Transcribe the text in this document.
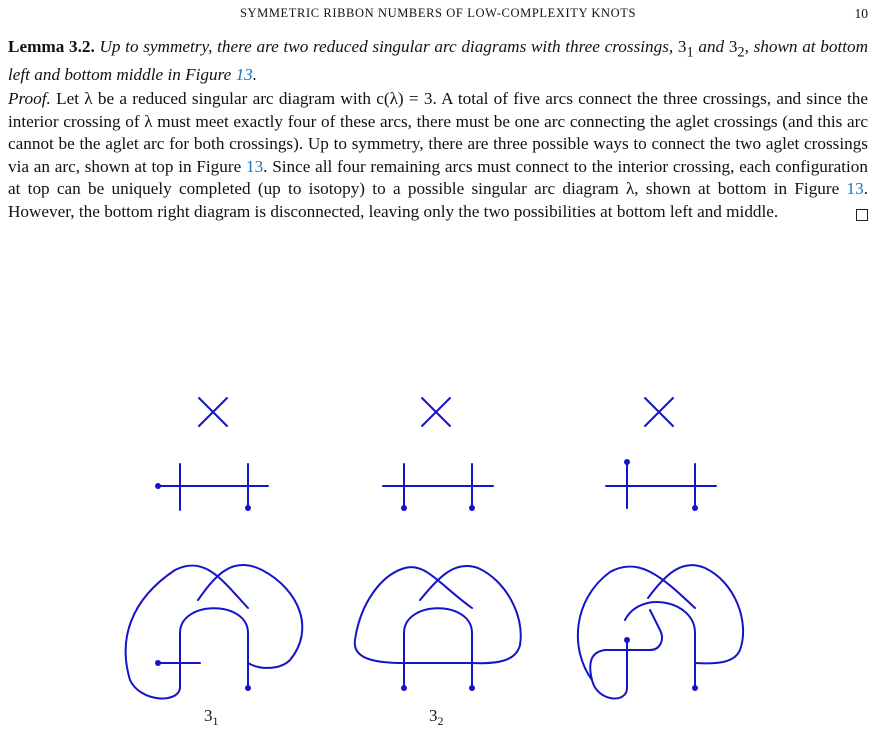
SYMMETRIC RIBBON NUMBERS OF LOW-COMPLEXITY KNOTS	10
Lemma 3.2. Up to symmetry, there are two reduced singular arc diagrams with three crossings, $3_1$ and $3_2$, shown at bottom left and bottom middle in Figure 13.
Proof. Let λ be a reduced singular arc diagram with c(λ) = 3. A total of five arcs connect the three crossings, and since the interior crossing of λ must meet exactly four of these arcs, there must be one arc connecting the aglet crossings (and this arc cannot be the aglet arc for both crossings). Up to symmetry, there are three possible ways to connect the two aglet crossings via an arc, shown at top in Figure 13. Since all four remaining arcs must connect to the interior crossing, each configuration at top can be uniquely completed (up to isotopy) to a possible singular arc diagram λ, shown at bottom in Figure 13. However, the bottom right diagram is disconnected, leaving only the two possibilities at bottom left and middle.
$3_1$	$3_2$
